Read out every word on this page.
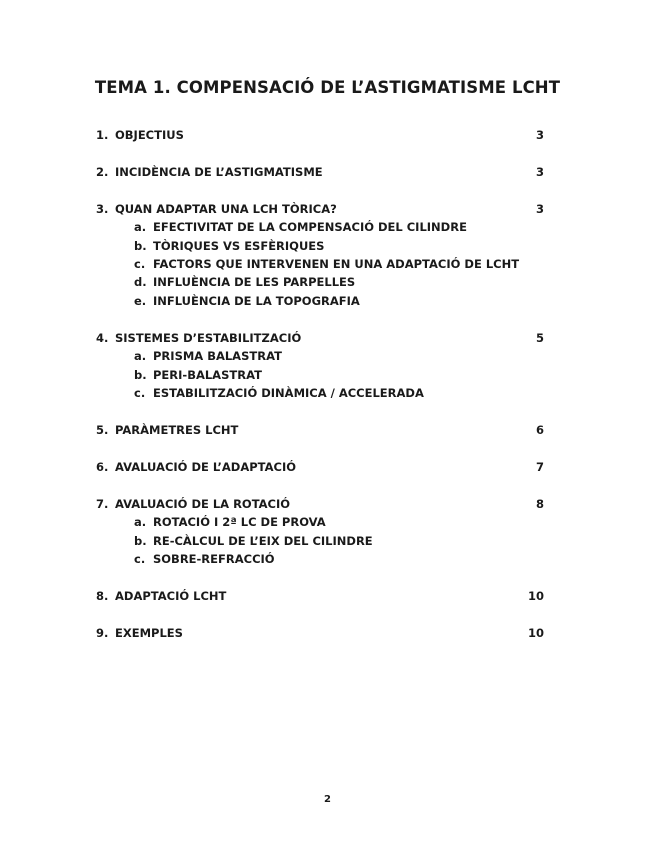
TEMA 1. COMPENSACIÓ DE L’ASTIGMATISME LCHT
1. OBJECTIUS	3
2. INCIDÈNCIA DE L’ASTIGMATISME	3
3. QUAN ADAPTAR UNA LCH TÒRICA?	3
a. EFECTIVITAT DE LA COMPENSACIÓ DEL CILINDRE
b. TÒRIQUES VS ESFÈRIQUES
c. FACTORS QUE INTERVENEN EN UNA ADAPTACIÓ DE LCHT
d. INFLUÈNCIA DE LES PARPELLES
e. INFLUÈNCIA DE LA TOPOGRAFIA
4. SISTEMES D’ESTABILITZACIÓ	5
a. PRISMA BALASTRAT
b. PERI-BALASTRAT
c. ESTABILITZACIÓ DINÀMICA / ACCELERADA
5. PARÀMETRES LCHT	6
6. AVALUACIÓ DE L’ADAPTACIÓ	7
7. AVALUACIÓ DE LA ROTACIÓ	8
a. ROTACIÓ I 2ª LC DE PROVA
b. RE-CÀLCUL DE L’EIX DEL CILINDRE
c. SOBRE-REFRACCIÓ
8. ADAPTACIÓ LCHT	10
9. EXEMPLES	10
2
